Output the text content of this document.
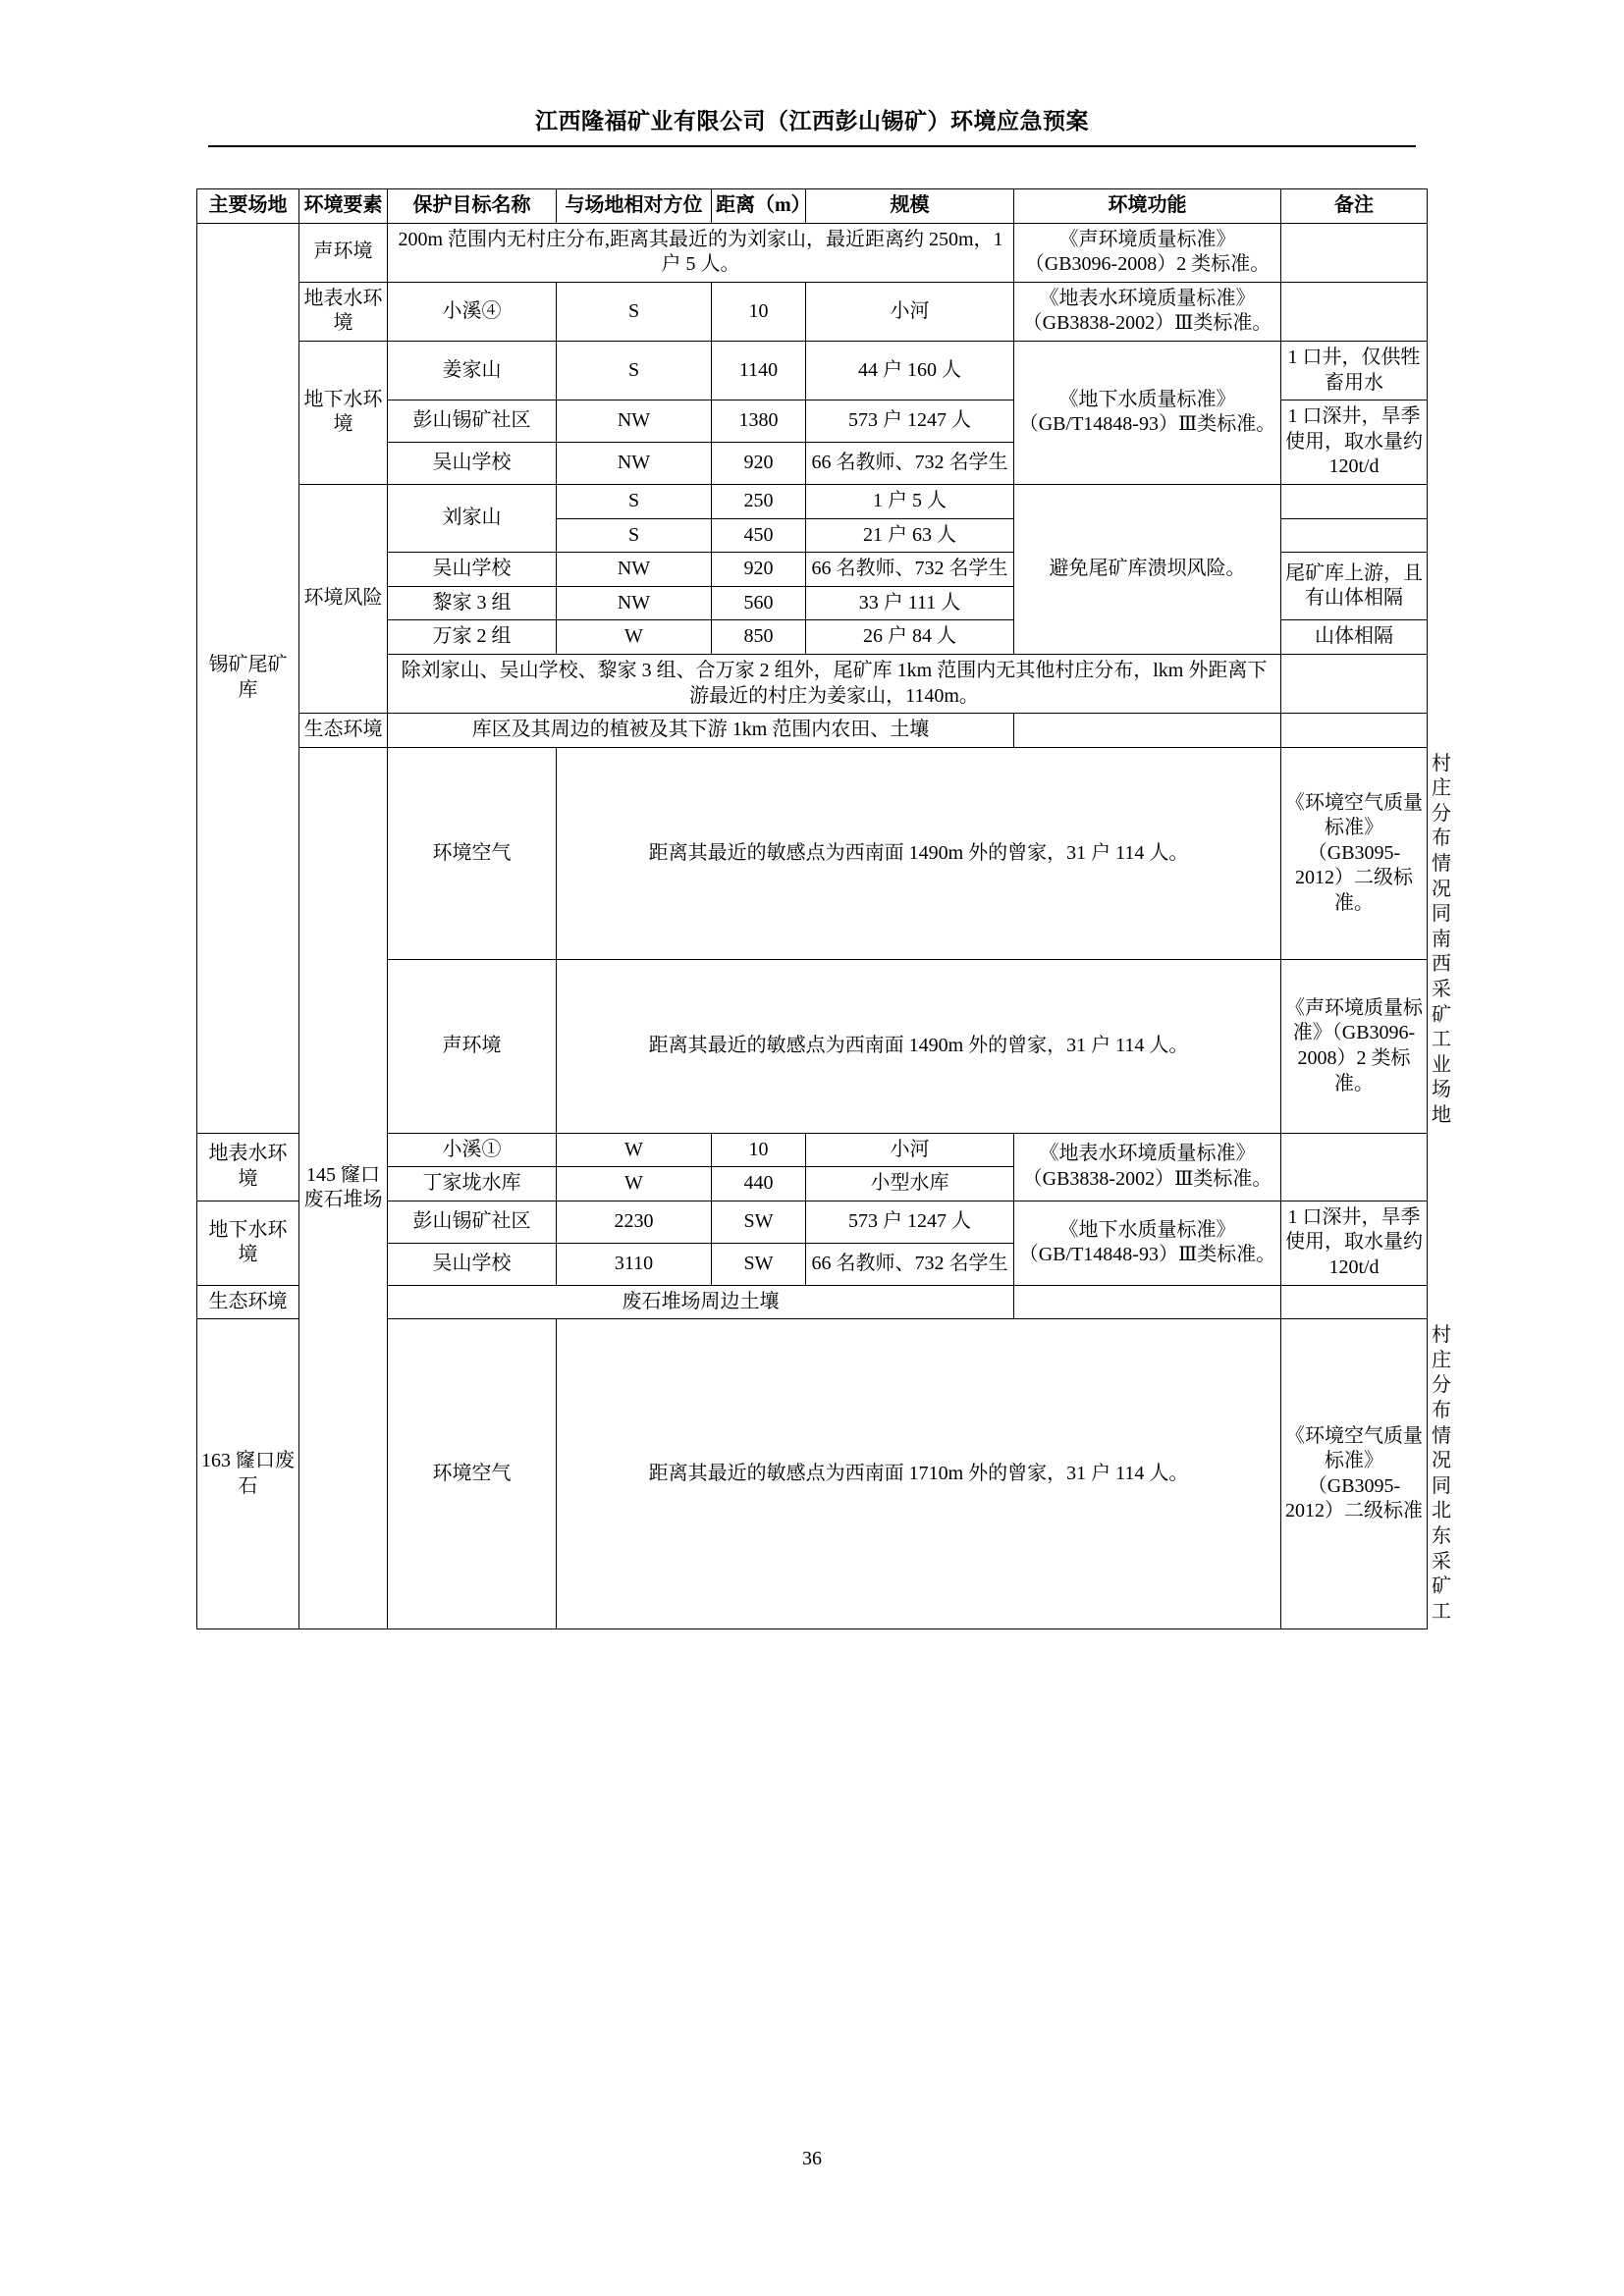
江西隆福矿业有限公司（江西彭山锡矿）环境应急预案
主要场地	环境要素	保护目标名称	与场地相对方位	距离（m）	规模	环境功能	备注	
锡矿尾矿库	声环境	200m 范围内无村庄分布,距离其最近的为刘家山，最近距离约 250m，1 户 5 人。				《声环境质量标准》（GB3096-2008）2 类标准。		
	地表水环境	小溪④	S	10	小河	《地表水环境质量标准》（GB3838-2002）Ⅲ类标准。		
	地下水环境	姜家山	S	1140	44 户 160 人	《地下水质量标准》（GB/T14848-93）Ⅲ类标准。	1 口井，仅供牲畜用水	
		彭山锡矿社区	NW	1380	573 户 1247 人		1 口深井，旱季使用，取水量约 120t/d	
		吴山学校	NW	920	66 名教师、732 名学生			
	环境风险	刘家山	S	250	1 户 5 人	避免尾矿库溃坝风险。		
			S	450	21 户 63 人			
		吴山学校	NW	920	66 名教师、732 名学生		尾矿库上游，且有山体相隔	
		黎家 3 组	NW	560	33 户 111 人			
		万家 2 组	W	850	26 户 84 人		山体相隔	
		除刘家山、吴山学校、黎家 3 组、合万家 2 组外，尾矿库 1km 范围内无其他村庄分布，lkm 外距离下游最近的村庄为姜家山，1140m。						
	生态环境	库区及其周边的植被及其下游 1km 范围内农田、土壤						
	145 窿口废石堆场	环境空气	距离其最近的敏感点为西南面 1490m 外的曾家，31 户 114 人。				《环境空气质量标准》（GB3095-2012）二级标准。	村庄分布情况同南西采矿工业场地
		声环境	距离其最近的敏感点为西南面 1490m 外的曾家，31 户 114 人。				《声环境质量标准》（GB3096-2008）2 类标准。	
地表水环境		小溪①	W	10	小河	《地表水环境质量标准》（GB3838-2002）Ⅲ类标准。		
		丁家垅水库	W	440	小型水库			
地下水环境		彭山锡矿社区	2230	SW	573 户 1247 人	《地下水质量标准》（GB/T14848-93）Ⅲ类标准。	1 口深井，旱季使用，取水量约 120t/d	
		吴山学校	3110	SW	66 名教师、732 名学生			
生态环境		废石堆场周边土壤						
163 窿口废石		环境空气	距离其最近的敏感点为西南面 1710m 外的曾家，31 户 114 人。				《环境空气质量标准》（GB3095-2012）二级标准	村庄分布情况同北东采矿工
36
